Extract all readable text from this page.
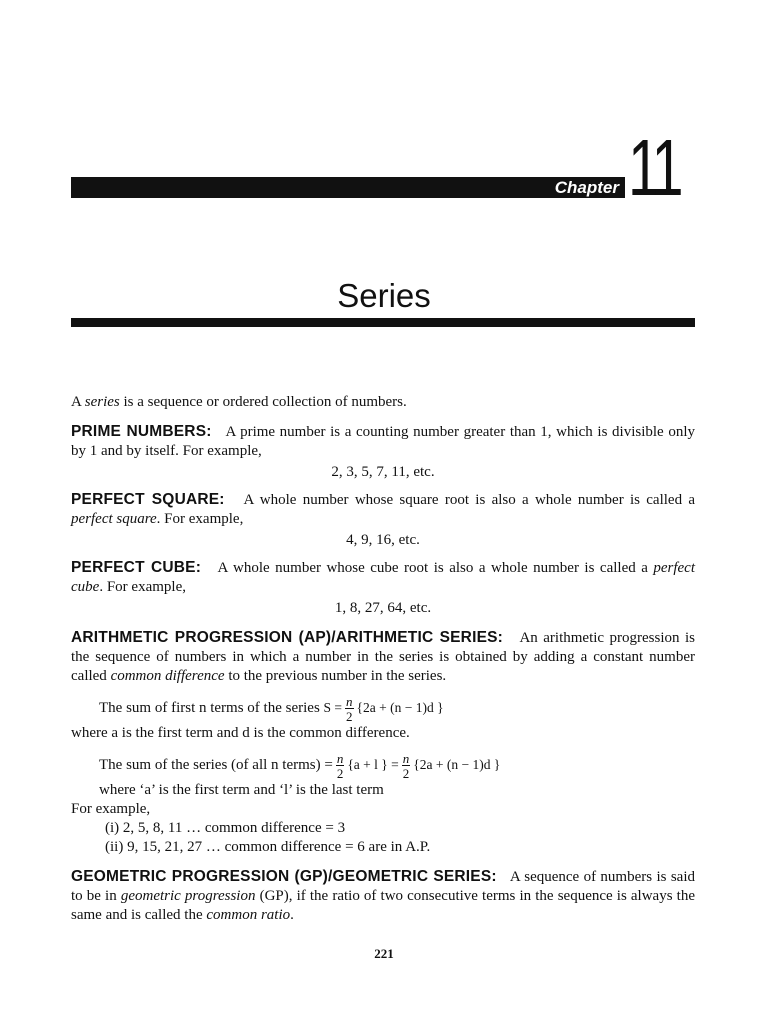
Chapter 11
Series

A series is a sequence or ordered collection of numbers.

PRIME NUMBERS: A prime number is a counting number greater than 1, which is divisible only by 1 and by itself. For example,

2, 3, 5, 7, 11, etc.

PERFECT SQUARE: A whole number whose square root is also a whole number is called a perfect square. For example,

4, 9, 16, etc.

PERFECT CUBE: A whole number whose cube root is also a whole number is called a perfect cube. For example,

1, 8, 27, 64, etc.

ARITHMETIC PROGRESSION (AP)/ARITHMETIC SERIES: An arithmetic progression is the sequence of numbers in which a number in the series is obtained by adding a constant number called common difference to the previous number in the series.

The sum of first n terms of the series $S = \frac{n}{2} \{2a + (n - 1)d$ }

where a is the first term and d is the common difference.

The sum of the series (of all n terms) = $\frac{n}{2} \{a + l$ } = $\frac{n}{2} \{2a + (n - 1)d$ }

where ‘a’ is the first term and ‘l’ is the last term

For example,

(i) 2, 5, 8, 11 … common difference = 3

(ii) 9, 15, 21, 27 … common difference = 6 are in A.P.

GEOMETRIC PROGRESSION (GP)/GEOMETRIC SERIES: A sequence of numbers is said to be in geometric progression (GP), if the ratio of two consecutive terms in the sequence is always the same and is called the common ratio.

221
